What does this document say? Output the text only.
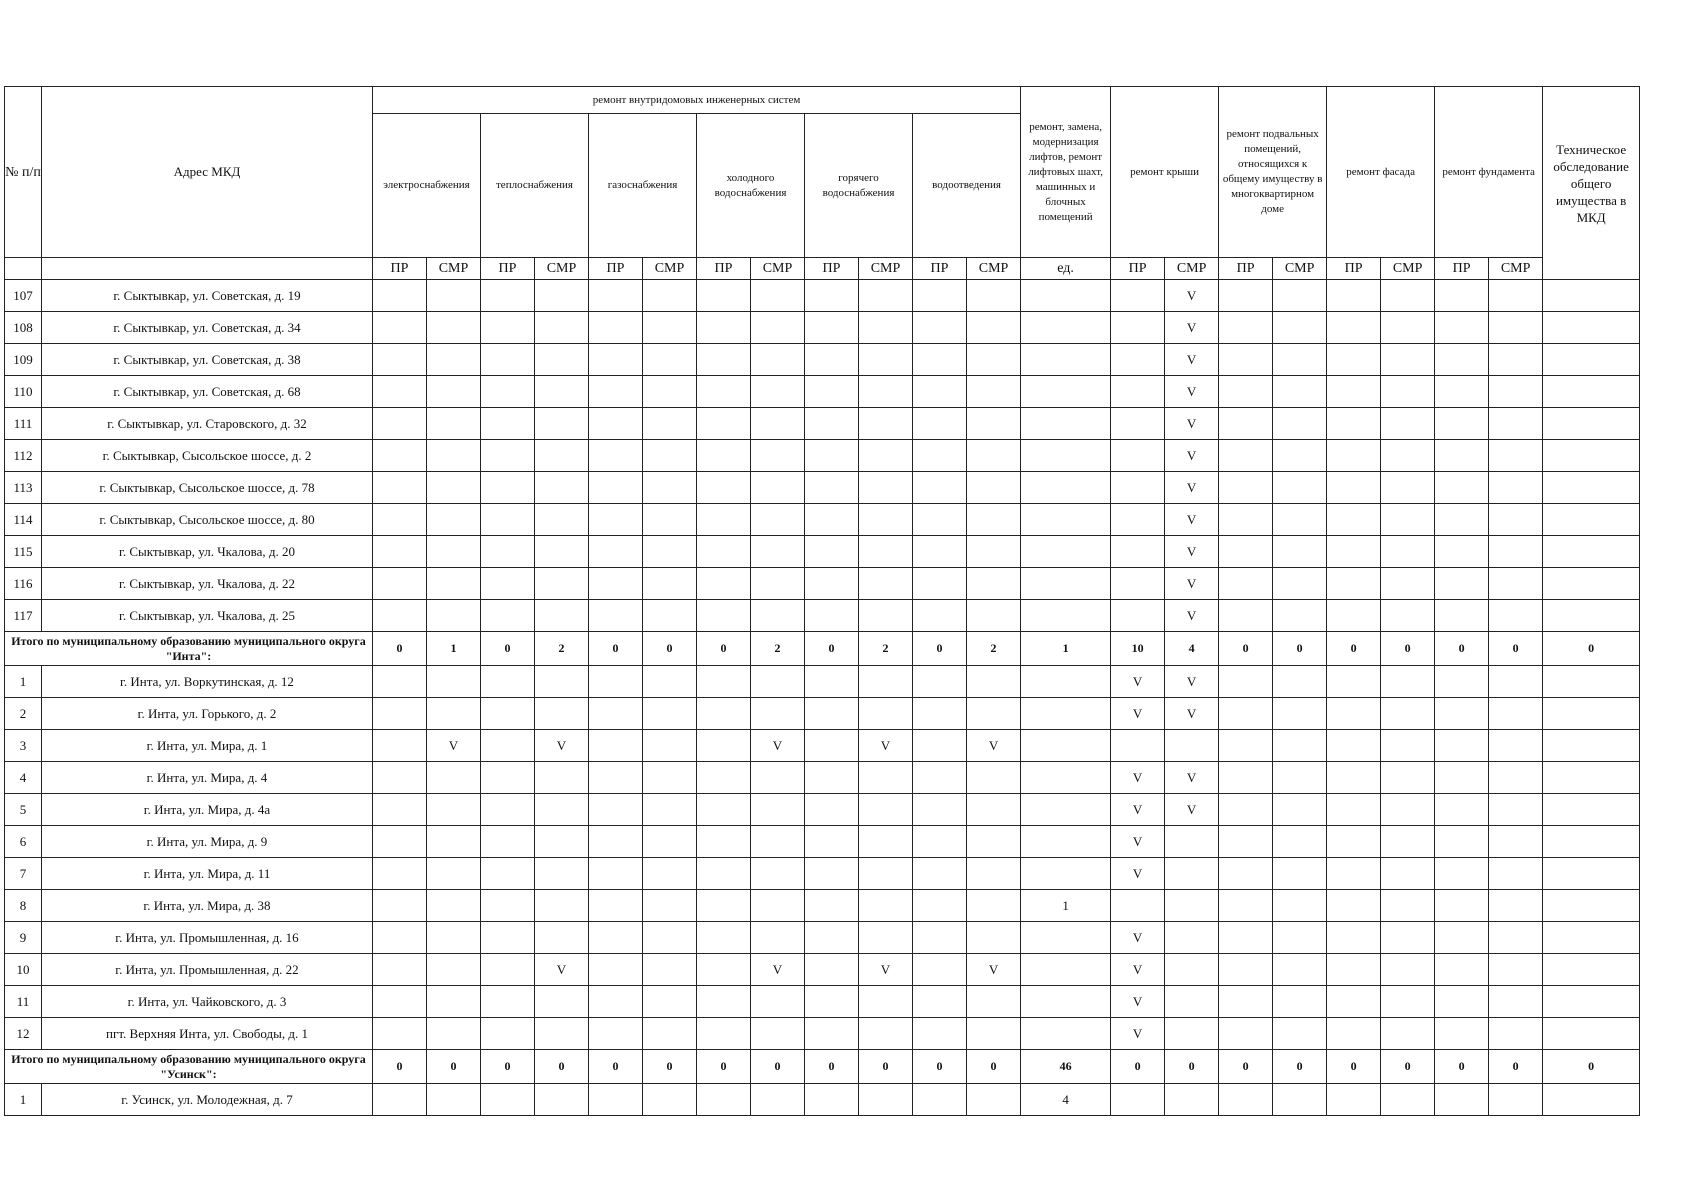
№ п/п	Адрес МКД	ремонт внутридомовых инженерных систем												ремонт, замена, модернизация лифтов, ремонт лифтовых шахт, машинных и блочных помещений	ремонт крыши		ремонт подвальных помещений, относящихся к общему имуществу в многоквартирном доме		ремонт фасада		ремонт фундамента		Техническое обследование общего имущества в МКД
		электроснабжения		теплоснабжения		газоснабжения		холодного водоснабжения		горячего водоснабжения		водоотведения											
		ПР	СМР	ПР	СМР	ПР	СМР	ПР	СМР	ПР	СМР	ПР	СМР	ед.	ПР	СМР	ПР	СМР	ПР	СМР	ПР	СМР	
107	г. Сыктывкар, ул. Советская, д. 19															V							
108	г. Сыктывкар, ул. Советская, д. 34															V							
109	г. Сыктывкар, ул. Советская, д. 38															V							
110	г. Сыктывкар, ул. Советская, д. 68															V							
111	г. Сыктывкар, ул. Старовского, д. 32															V							
112	г. Сыктывкар, Сысольское шоссе, д. 2															V							
113	г. Сыктывкар, Сысольское шоссе, д. 78															V							
114	г. Сыктывкар, Сысольское шоссе, д. 80															V							
115	г. Сыктывкар, ул. Чкалова, д. 20															V							
116	г. Сыктывкар, ул. Чкалова, д. 22															V							
117	г. Сыктывкар, ул. Чкалова, д. 25															V							
Итого по муниципальному образованию муниципального округа "Инта":		0	1	0	2	0	0	0	2	0	2	0	2	1	10	4	0	0	0	0	0	0	0
1	г. Инта, ул. Воркутинская, д. 12														V	V							
2	г. Инта, ул. Горького, д. 2														V	V							
3	г. Инта, ул. Мира, д. 1		V		V				V		V		V										
4	г. Инта, ул. Мира, д. 4														V	V							
5	г. Инта, ул. Мира, д. 4а														V	V							
6	г. Инта, ул. Мира, д. 9														V								
7	г. Инта, ул. Мира, д. 11														V								
8	г. Инта, ул. Мира, д. 38													1									
9	г. Инта, ул. Промышленная, д. 16														V								
10	г. Инта, ул. Промышленная, д. 22				V				V		V		V		V								
11	г. Инта, ул. Чайковского, д. 3														V								
12	пгт. Верхняя Инта, ул. Свободы, д. 1														V								
Итого по муниципальному образованию муниципального округа "Усинск":		0	0	0	0	0	0	0	0	0	0	0	0	46	0	0	0	0	0	0	0	0	0
1	г. Усинск, ул. Молодежная, д. 7													4									
